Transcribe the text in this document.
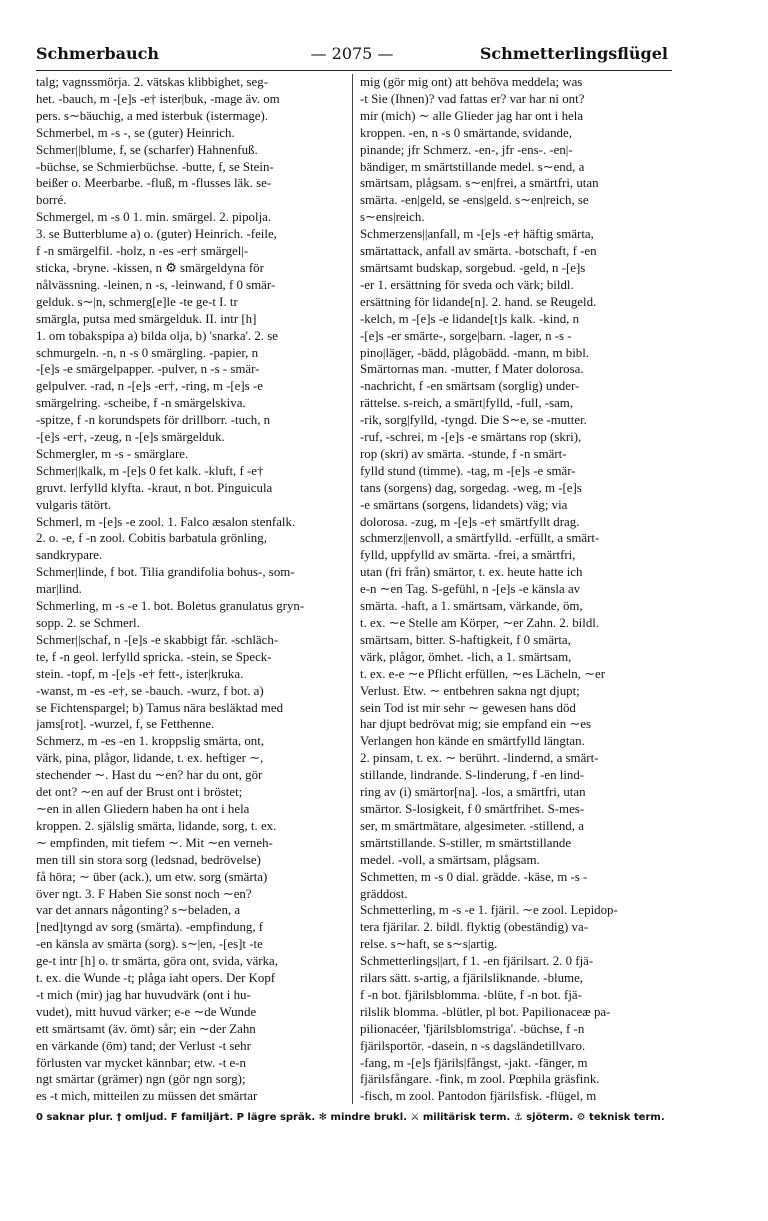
Schmerbauch	— 2075 —	Schmetterlingsflügel
talg; vagnssmörja. 2. vätskas klibbighet, seg-
het. -bauch, m -[e]s -e† ister|buk, -mage äv. om
pers. s∼bäuchig, a med isterbuk (istermage).
Schmerbel, m -s -, se (guter) Heinrich.
Schmer||blume, f, se (scharfer) Hahnenfuß.
-büchse, se Schmierbüchse. -butte, f, se Stein-
beißer o. Meerbarbe. -fluß, m -flusses läk. se-
borré.
Schmergel, m -s 0 1. min. smärgel. 2. pipolja.
3. se Butterblume a) o. (guter) Heinrich. -feile,
f -n smärgelfil. -holz, n -es -er† smärgel|-
sticka, -bryne. -kissen, n ⚙ smärgeldyna för
nålvässning. -leinen, n -s, -leinwand, f 0 smär-
gelduk. s∼|n, schmerg[e]le -te ge-t I. tr
smärgla, putsa med smärgelduk. II. intr [h]
1. om tobakspipa a) bilda olja, b) 'snarka'. 2. se
schmurgeln. -n, n -s 0 smärgling. -papier, n
-[e]s -e smärgelpapper. -pulver, n -s - smär-
gelpulver. -rad, n -[e]s -er†, -ring, m -[e]s -e
smärgelring. -scheibe, f -n smärgelskiva.
-spitze, f -n korundspets för drillborr. -tuch, n
-[e]s -er†, -zeug, n -[e]s smärgelduk.
Schmergler, m -s - smärglare.
Schmer||kalk, m -[e]s 0 fet kalk. -kluft, f -e†
gruvt. lerfylld klyfta. -kraut, n bot. Pinguicula
vulgaris tätört.
Schmerl, m -[e]s -e zool. 1. Falco æsalon stenfalk.
2. o. -e, f -n zool. Cobitis barbatula grönling,
sandkrypare.
Schmer|linde, f bot. Tilia grandifolia bohus-, som-
mar|lind.
Schmerling, m -s -e 1. bot. Boletus granulatus gryn-
sopp. 2. se Schmerl.
Schmer||schaf, n -[e]s -e skabbigt får. -schläch-
te, f -n geol. lerfylld spricka. -stein, se Speck-
stein. -topf, m -[e]s -e† fett-, ister|kruka.
-wanst, m -es -e†, se -bauch. -wurz, f bot. a)
se Fichtenspargel; b) Tamus nära besläktad med
jams[rot]. -wurzel, f, se Fetthenne.
Schmerz, m -es -en 1. kroppslig smärta, ont,
värk, pina, plågor, lidande, t. ex. heftiger ∼,
stechender ∼. Hast du ∼en? har du ont, gör
det ont? ∼en auf der Brust ont i bröstet;
∼en in allen Gliedern haben ha ont i hela
kroppen. 2. själslig smärta, lidande, sorg, t. ex.
∼ empfinden, mit tiefem ∼. Mit ∼en verneh-
men till sin stora sorg (ledsnad, bedrövelse)
få höra; ∼ über (ack.), um etw. sorg (smärta)
över ngt. 3. F Haben Sie sonst noch ∼en?
var det annars någonting? s∼beladen, a
[ned]tyngd av sorg (smärta). -empfindung, f
-en känsla av smärta (sorg). s∼|en, -[es]t -te
ge-t intr [h] o. tr smärta, göra ont, svida, värka,
t. ex. die Wunde -t; plåga iaht opers. Der Kopf
-t mich (mir) jag har huvudvärk (ont i hu-
vudet), mitt huvud värker; e-e ∼de Wunde
ett smärtsamt (äv. ömt) sår; ein ∼der Zahn
en värkande (öm) tand; der Verlust -t sehr
förlusten var mycket kännbar; etw. -t e-n
ngt smärtar (grämer) ngn (gör ngn sorg);
es -t mich, mitteilen zu müssen det smärtar
mig (gör mig ont) att behöva meddela; was
-t Sie (Ihnen)? vad fattas er? var har ni ont?
mir (mich) ∼ alle Glieder jag har ont i hela
kroppen. -en, n -s 0 smärtande, svidande,
pinande; jfr Schmerz. -en-, jfr -ens-. -en|-
bändiger, m smärtstillande medel. s∼end, a
smärtsam, plågsam. s∼en|frei, a smärtfri, utan
smärta. -en|geld, se -ens|geld. s∼en|reich, se
s∼ens|reich.
Schmerzens||anfall, m -[e]s -e† häftig smärta,
smärtattack, anfall av smärta. -botschaft, f -en
smärtsamt budskap, sorgebud. -geld, n -[e]s
-er 1. ersättning för sveda och värk; bildl.
ersättning för lidande[n]. 2. hand. se Reugeld.
-kelch, m -[e]s -e lidande[t]s kalk. -kind, n
-[e]s -er smärte-, sorge|barn. -lager, n -s -
pino|läger, -bädd, plågobädd. -mann, m bibl.
Smärtornas man. -mutter, f Mater dolorosa.
-nachricht, f -en smärtsam (sorglig) under-
rättelse. s-reich, a smärt|fylld, -full, -sam,
-rik, sorg|fylld, -tyngd. Die S∼e, se -mutter.
-ruf, -schrei, m -[e]s -e smärtans rop (skri),
rop (skri) av smärta. -stunde, f -n smärt-
fylld stund (timme). -tag, m -[e]s -e smär-
tans (sorgens) dag, sorgedag. -weg, m -[e]s
-e smärtans (sorgens, lidandets) väg; via
dolorosa. -zug, m -[e]s -e† smärtfyllt drag.
schmerz||envoll, a smärtfylld. -erfüllt, a smärt-
fylld, uppfylld av smärta. -frei, a smärtfri,
utan (fri från) smärtor, t. ex. heute hatte ich
e-n ∼en Tag. S-gefühl, n -[e]s -e känsla av
smärta. -haft, a 1. smärtsam, värkande, öm,
t. ex. ∼e Stelle am Körper, ∼er Zahn. 2. bildl.
smärtsam, bitter. S-haftigkeit, f 0 smärta,
värk, plågor, ömhet. -lich, a 1. smärtsam,
t. ex. e-e ∼e Pflicht erfüllen, ∼es Lächeln, ∼er
Verlust. Etw. ∼ entbehren sakna ngt djupt;
sein Tod ist mir sehr ∼ gewesen hans död
har djupt bedrövat mig; sie empfand ein ∼es
Verlangen hon kände en smärtfylld längtan.
2. pinsam, t. ex. ∼ berührt. -lindernd, a smärt-
stillande, lindrande. S-linderung, f -en lind-
ring av (i) smärtor[na]. -los, a smärtfri, utan
smärtor. S-losigkeit, f 0 smärtfrihet. S-mes-
ser, m smärtmätare, algesimeter. -stillend, a
smärtstillande. S-stiller, m smärtstillande
medel. -voll, a smärtsam, plågsam.
Schmetten, m -s 0 dial. grädde. -käse, m -s -
gräddost.
Schmetterling, m -s -e 1. fjäril. ∼e zool. Lepidop-
tera fjärilar. 2. bildl. flyktig (obeständig) va-
relse. s∼haft, se s∼s|artig.
Schmetterlings||art, f 1. -en fjärilsart. 2. 0 fjä-
rilars sätt. s-artig, a fjärilsliknande. -blume,
f -n bot. fjärilsblomma. -blüte, f -n bot. fjä-
rilslik blomma. -blütler, pl bot. Papilionaceæ pa-
pilionacéer, 'fjärilsblomstriga'. -büchse, f -n
fjärilsportör. -dasein, n -s dagsländetillvaro.
-fang, m -[e]s fjärils|fångst, -jakt. -fänger, m
fjärilsfångare. -fink, m zool. Pœphila gräsfink.
-fisch, m zool. Pantodon fjärilsfisk. -flügel, m
0 saknar plur. † omljud. F familjärt. P lägre språk. ✻ mindre brukl. ⚔ militärisk term. ⚓ sjöterm. ⚙ teknisk term.
